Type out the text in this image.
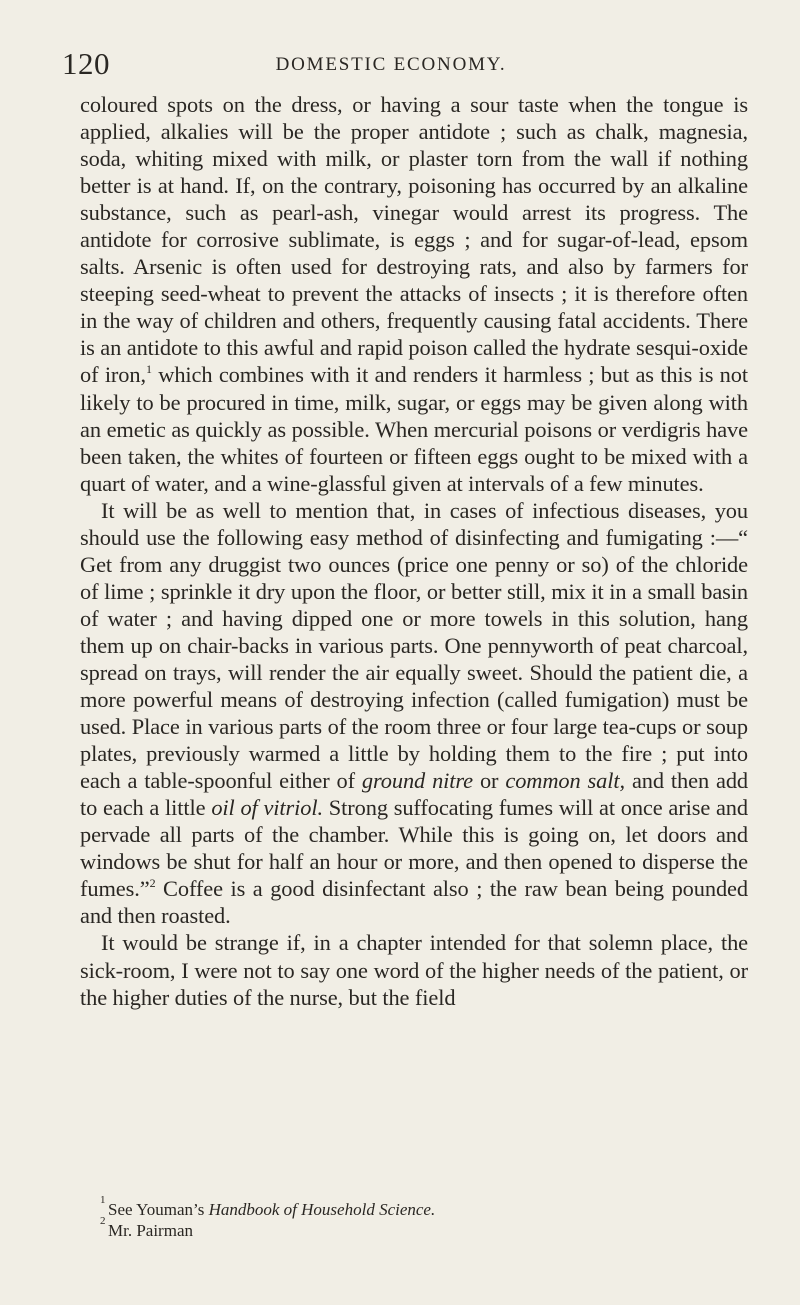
120	DOMESTIC ECONOMY.

coloured spots on the dress, or having a sour taste when the tongue is applied, alkalies will be the proper antidote ; such as chalk, magnesia, soda, whiting mixed with milk, or plaster torn from the wall if nothing better is at hand. If, on the contrary, poisoning has occurred by an alkaline substance, such as pearl-ash, vinegar would arrest its progress. The antidote for corrosive sublimate, is eggs ; and for sugar-of-lead, epsom salts. Arsenic is often used for destroying rats, and also by farmers for steeping seed-wheat to prevent the attacks of insects ; it is therefore often in the way of children and others, frequently causing fatal accidents. There is an antidote to this awful and rapid poison called the hydrate sesqui-oxide of iron,$^1$ which combines with it and renders it harmless ; but as this is not likely to be procured in time, milk, sugar, or eggs may be given along with an emetic as quickly as possible. When mercurial poisons or verdigris have been taken, the whites of fourteen or fifteen eggs ought to be mixed with a quart of water, and a wine-glassful given at intervals of a few minutes.

It will be as well to mention that, in cases of infectious diseases, you should use the following easy method of disinfecting and fumigating :—“ Get from any druggist two ounces (price one penny or so) of the chloride of lime ; sprinkle it dry upon the floor, or better still, mix it in a small basin of water ; and having dipped one or more towels in this solution, hang them up on chair-backs in various parts. One pennyworth of peat charcoal, spread on trays, will render the air equally sweet. Should the patient die, a more powerful means of destroying infection (called fumigation) must be used. Place in various parts of the room three or four large tea-cups or soup plates, previously warmed a little by holding them to the fire ; put into each a table-spoonful either of ground nitre or common salt, and then add to each a little oil of vitriol. Strong suffocating fumes will at once arise and pervade all parts of the chamber. While this is going on, let doors and windows be shut for half an hour or more, and then opened to disperse the fumes.”$^2$ Coffee is a good disinfectant also ; the raw bean being pounded and then roasted.

It would be strange if, in a chapter intended for that solemn place, the sick-room, I were not to say one word of the higher needs of the patient, or the higher duties of the nurse, but the field

1 See Youman’s Handbook of Household Science.
2 Mr. Pairman
